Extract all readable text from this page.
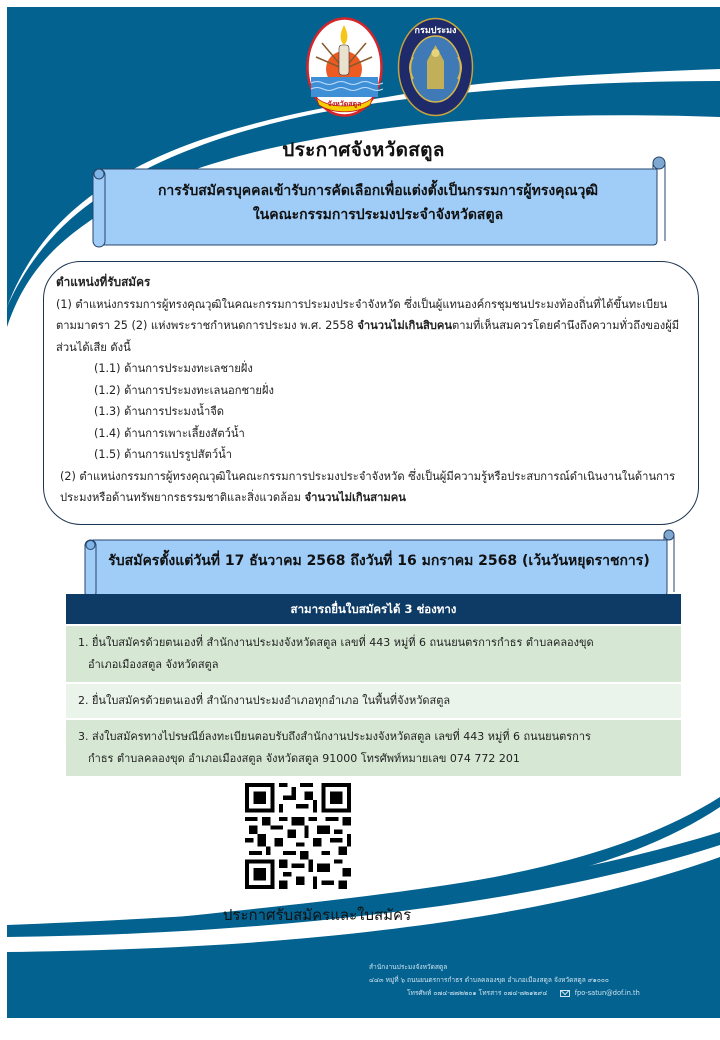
จังหวัดสตูล
กรมประมง
ประกาศจังหวัดสตูล
การรับสมัครบุคคลเข้ารับการคัดเลือกเพื่อแต่งตั้งเป็นกรรมการผู้ทรงคุณวุฒิ
ในคณะกรรมการประมงประจำจังหวัดสตูล
ตำแหน่งที่รับสมัคร
(1) ตำแหน่งกรรมการผู้ทรงคุณวุฒิในคณะกรรมการประมงประจำจังหวัด ซึ่งเป็นผู้แทนองค์กรชุมชนประมงท้องถิ่นที่ได้ขึ้นทะเบียนตามมาตรา 25 (2) แห่งพระราชกำหนดการประมง พ.ศ. 2558 จำนวนไม่เกินสิบคนตามที่เห็นสมควรโดยคำนึงถึงความทั่วถึงของผู้มีส่วนได้เสีย ดังนี้
(1.1) ด้านการประมงทะเลชายฝั่ง
(1.2) ด้านการประมงทะเลนอกชายฝั่ง
(1.3) ด้านการประมงน้ำจืด
(1.4) ด้านการเพาะเลี้ยงสัตว์น้ำ
(1.5) ด้านการแปรรูปสัตว์น้ำ
(2) ตำแหน่งกรรมการผู้ทรงคุณวุฒิในคณะกรรมการประมงประจำจังหวัด ซึ่งเป็นผู้มีความรู้หรือประสบการณ์ดำเนินงานในด้านการประมงหรือด้านทรัพยากรธรรมชาติและสิ่งแวดล้อม จำนวนไม่เกินสามคน
รับสมัครตั้งแต่วันที่ 17 ธันวาคม 2568 ถึงวันที่ 16 มกราคม 2568 (เว้นวันหยุดราชการ)
สามารถยื่นใบสมัครได้ 3 ช่องทาง
1. ยื่นใบสมัครด้วยตนเองที่ สำนักงานประมงจังหวัดสตูล เลขที่ 443 หมู่ที่ 6 ถนนยนตรการกำธร ตำบลคลองขุด
อำเภอเมืองสตูล จังหวัดสตูล
2. ยื่นใบสมัครด้วยตนเองที่ สำนักงานประมงอำเภอทุกอำเภอ ในพื้นที่จังหวัดสตูล
3. ส่งใบสมัครทางไปรษณีย์ลงทะเบียนตอบรับถึงสำนักงานประมงจังหวัดสตูล เลขที่ 443 หมู่ที่ 6 ถนนยนตรการ
กำธร ตำบลคลองขุด อำเภอเมืองสตูล จังหวัดสตูล 91000 โทรศัพท์หมายเลข 074 772 201
ประกาศรับสมัครและใบสมัคร
สำนักงานประมงจังหวัดสตูล
๔๔๓ หมู่ที่ ๖ ถนนยนตรการกำธร ตำบลคลองขุด อำเภอเมืองสตูล จังหวัดสตูล ๙๑๐๐๐
โทรศัพท์ ๐๗๔-๗๗๒๒๐๑ โทรสาร ๐๗๔-๗๒๑๒๙๔	fpo-satun@dof.in.th
